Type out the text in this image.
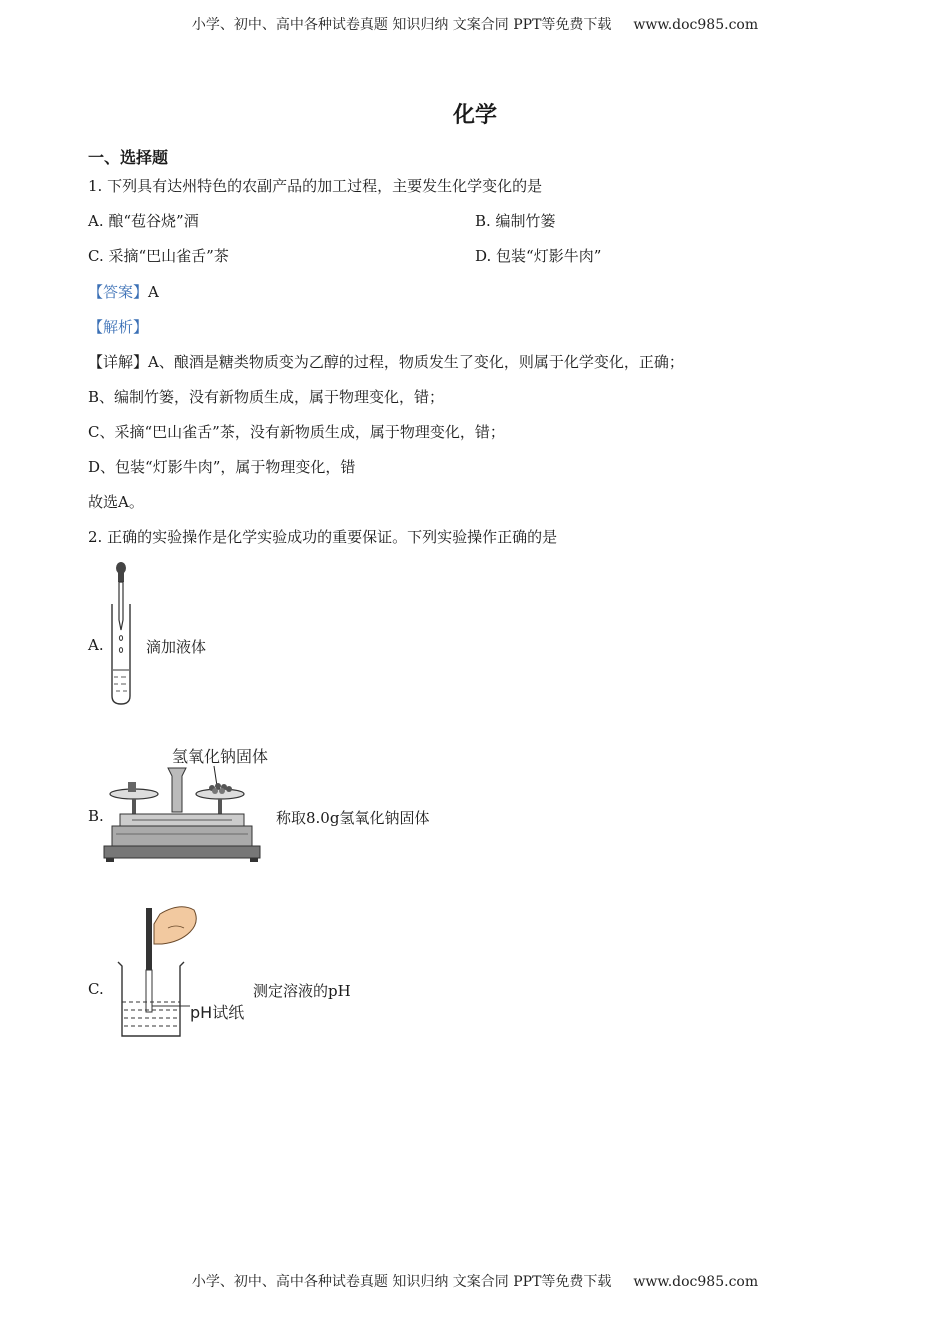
小学、初中、高中各种试卷真题 知识归纳 文案合同 PPT等免费下载 www.doc985.com
化学
一、选择题
1. 下列具有达州特色的农副产品的加工过程，主要发生化学变化的是
A. 酿“苞谷烧”酒	B. 编制竹篓
C. 采摘“巴山雀舌”茶	D. 包装“灯影牛肉”
【答案】A
【解析】
【详解】A、酿酒是糖类物质变为乙醇的过程，物质发生了变化，则属于化学变化，正确；
B、编制竹篓，没有新物质生成，属于物理变化，错；
C、采摘“巴山雀舌”茶，没有新物质生成，属于物理变化，错；
D、包装“灯影牛肉”，属于物理变化，错
故选A。
2. 正确的实验操作是化学实验成功的重要保证。下列实验操作正确的是
A.	滴加液体
B.
氢氧化钠固体
称取8.0g氢氧化钠固体
C.
pH试纸
测定溶液的pH
小学、初中、高中各种试卷真题 知识归纳 文案合同 PPT等免费下载 www.doc985.com
